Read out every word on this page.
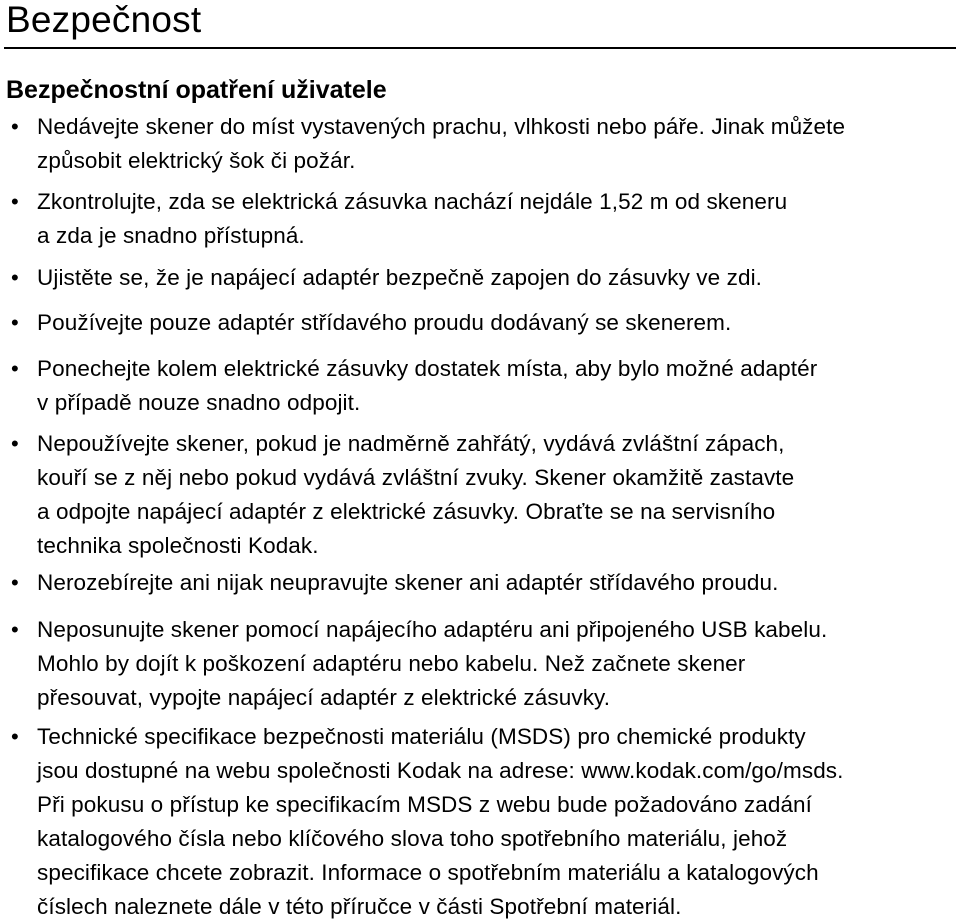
Bezpečnost
Bezpečnostní opatření uživatele
• Nedávejte skener do míst vystavených prachu, vlhkosti nebo páře. Jinak můžete
způsobit elektrický šok či požár.
• Zkontrolujte, zda se elektrická zásuvka nachází nejdále 1,52 m od skeneru
a zda je snadno přístupná.
• Ujistěte se, že je napájecí adaptér bezpečně zapojen do zásuvky ve zdi.
• Používejte pouze adaptér střídavého proudu dodávaný se skenerem.
• Ponechejte kolem elektrické zásuvky dostatek místa, aby bylo možné adaptér
v případě nouze snadno odpojit.
• Nepoužívejte skener, pokud je nadměrně zahřátý, vydává zvláštní zápach,
kouří se z něj nebo pokud vydává zvláštní zvuky. Skener okamžitě zastavte
a odpojte napájecí adaptér z elektrické zásuvky. Obraťte se na servisního
technika společnosti Kodak.
• Nerozebírejte ani nijak neupravujte skener ani adaptér střídavého proudu.
• Neposunujte skener pomocí napájecího adaptéru ani připojeného USB kabelu.
Mohlo by dojít k poškození adaptéru nebo kabelu. Než začnete skener
přesouvat, vypojte napájecí adaptér z elektrické zásuvky.
• Technické specifikace bezpečnosti materiálu (MSDS) pro chemické produkty
jsou dostupné na webu společnosti Kodak na adrese: www.kodak.com/go/msds.
Při pokusu o přístup ke specifikacím MSDS z webu bude požadováno zadání
katalogového čísla nebo klíčového slova toho spotřebního materiálu, jehož
specifikace chcete zobrazit. Informace o spotřebním materiálu a katalogových
číslech naleznete dále v této příručce v části Spotřební materiál.
